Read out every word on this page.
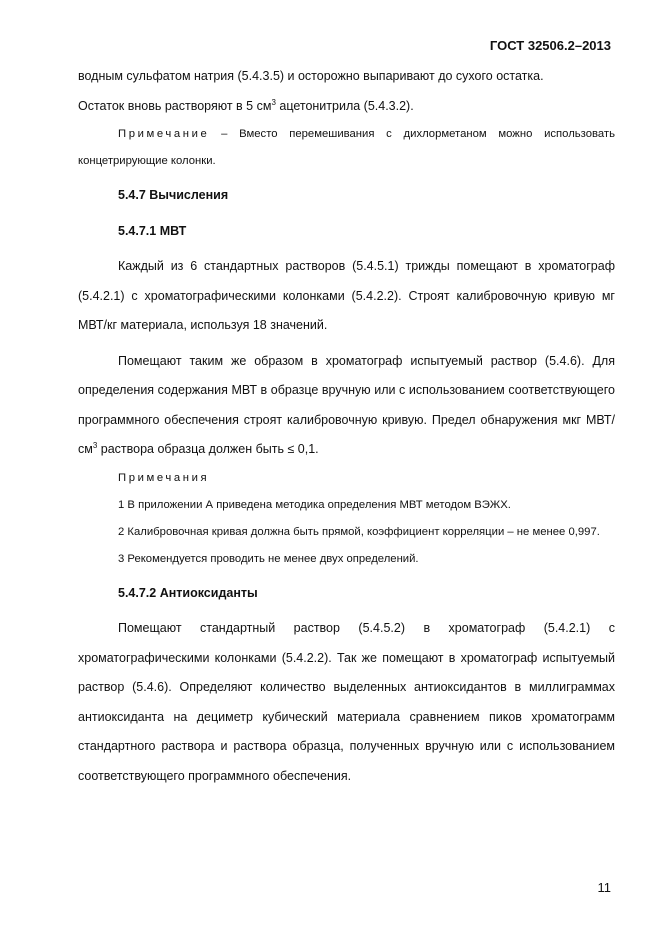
ГОСТ 32506.2–2013

водным сульфатом натрия (5.4.3.5) и осторожно выпаривают до сухого остатка.

Остаток вновь растворяют в 5 $см^3$ ацетонитрила (5.4.3.2).

Примечание – Вместо перемешивания с дихлорметаном можно использовать концетрирующие колонки.

5.4.7 Вычисления

5.4.7.1 МВТ

Каждый из 6 стандартных растворов (5.4.5.1) трижды помещают в хроматограф (5.4.2.1) с хроматографическими колонками (5.4.2.2). Строят калибровочную кривую мг МВТ/кг материала, используя 18 значений.

Помещают таким же образом в хроматограф испытуемый раствор (5.4.6). Для определения содержания МВТ в образце вручную или с использованием соответствующего программного обеспечения строят калибровочную кривую. Предел обнаружения мкг МВТ/$см^3$ раствора образца должен быть ≤ 0,1.

Примечания

1 В приложении А приведена методика определения МВТ методом ВЭЖХ.

2 Калибровочная кривая должна быть прямой, коэффициент корреляции – не менее 0,997.

3 Рекомендуется проводить не менее двух определений.

5.4.7.2 Антиоксиданты

Помещают стандартный раствор (5.4.5.2) в хроматограф (5.4.2.1) с хроматографическими колонками (5.4.2.2). Так же помещают в хроматограф испытуемый раствор (5.4.6). Определяют количество выделенных антиоксидантов в миллиграммах антиоксиданта на дециметр кубический материала сравнением пиков хроматограмм стандартного раствора и раствора образца, полученных вручную или с использованием соответствующего программного обеспечения.

11
